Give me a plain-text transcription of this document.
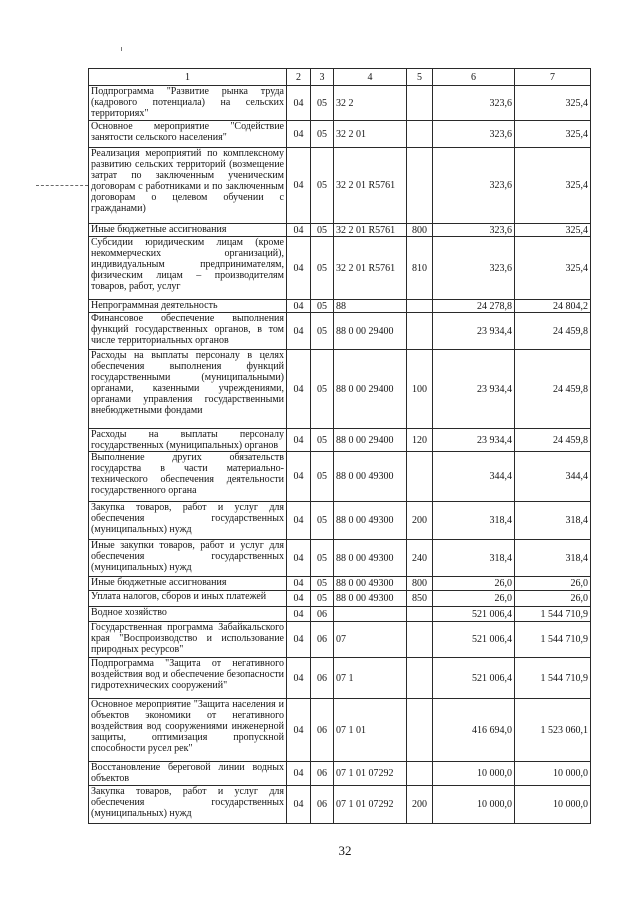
1	2	3	4	5	6	7
Подпрограмма "Развитие рынка труда (кадрового потенциала) на сельских территориях"	04	05	32 2		323,6	325,4
Основное мероприятие "Содействие занятости сельского населения"	04	05	32 2 01		323,6	325,4
Реализация мероприятий по комплексному развитию сельских территорий (возмещение затрат по заключенным ученическим договорам с работниками и по заключенным договорам о целевом обучении с гражданами)	04	05	32 2 01 R5761		323,6	325,4
Иные бюджетные ассигнования	04	05	32 2 01 R5761	800	323,6	325,4
Субсидии юридическим лицам (кроме некоммерческих организаций), индивидуальным предпринимателям, физическим лицам – производителям товаров, работ, услуг	04	05	32 2 01 R5761	810	323,6	325,4
Непрограммная деятельность	04	05	88		24 278,8	24 804,2
Финансовое обеспечение выполнения функций государственных органов, в том числе территориальных органов	04	05	88 0 00 29400		23 934,4	24 459,8
Расходы на выплаты персоналу в целях обеспечения выполнения функций государственными (муниципальными) органами, казенными учреждениями, органами управления государственными внебюджетными фондами	04	05	88 0 00 29400	100	23 934,4	24 459,8
Расходы на выплаты персоналу государственных (муниципальных) органов	04	05	88 0 00 29400	120	23 934,4	24 459,8
Выполнение других обязательств государства в части материально-технического обеспечения деятельности государственного органа	04	05	88 0 00 49300		344,4	344,4
Закупка товаров, работ и услуг для обеспечения государственных (муниципальных) нужд	04	05	88 0 00 49300	200	318,4	318,4
Иные закупки товаров, работ и услуг для обеспечения государственных (муниципальных) нужд	04	05	88 0 00 49300	240	318,4	318,4
Иные бюджетные ассигнования	04	05	88 0 00 49300	800	26,0	26,0
Уплата налогов, сборов и иных платежей	04	05	88 0 00 49300	850	26,0	26,0
Водное хозяйство	04	06			521 006,4	1 544 710,9
Государственная программа Забайкальского края "Воспроизводство и использование природных ресурсов"	04	06	07		521 006,4	1 544 710,9
Подпрограмма "Защита от негативного воздействия вод и обеспечение безопасности гидротехнических сооружений"	04	06	07 1		521 006,4	1 544 710,9
Основное мероприятие "Защита населения и объектов экономики от негативного воздействия вод сооружениями инженерной защиты, оптимизация пропускной способности русел рек"	04	06	07 1 01		416 694,0	1 523 060,1
Восстановление береговой линии водных объектов	04	06	07 1 01 07292		10 000,0	10 000,0
Закупка товаров, работ и услуг для обеспечения государственных (муниципальных) нужд	04	06	07 1 01 07292	200	10 000,0	10 000,0
32
